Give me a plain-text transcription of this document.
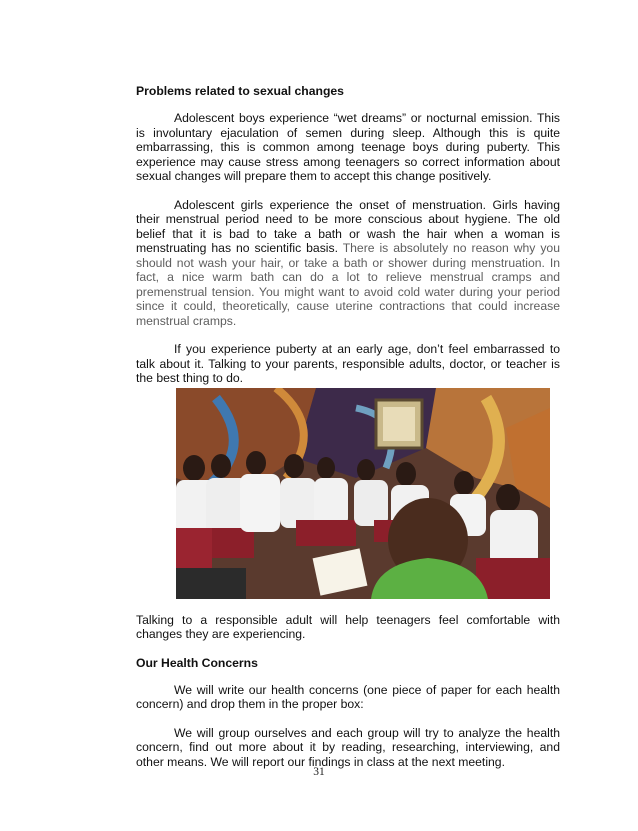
Problems related to sexual changes

Adolescent boys experience “wet dreams” or nocturnal emission. This is involuntary ejaculation of semen during sleep. Although this is quite embarrassing, this is common among teenage boys during puberty. This experience may cause stress among teenagers so correct information about sexual changes will prepare them to accept this change positively.

Adolescent girls experience the onset of menstruation. Girls having their menstrual period need to be more conscious about hygiene. The old belief that it is bad to take a bath or wash the hair when a woman is menstruating has no scientific basis. There is absolutely no reason why you should not wash your hair, or take a bath or shower during menstruation. In fact, a nice warm bath can do a lot to relieve menstrual cramps and premenstrual tension. You might want to avoid cold water during your period since it could, theoretically, cause uterine contractions that could increase menstrual cramps.

If you experience puberty at an early age, don’t feel embarrassed to talk about it. Talking to your parents, responsible adults, doctor, or teacher is the best thing to do.

Talking to a responsible adult will help teenagers feel comfortable with changes they are experiencing.

Our Health Concerns

We will write our health concerns (one piece of paper for each health concern) and drop them in the proper box:

We will group ourselves and each group will try to analyze the health concern, find out more about it by reading, researching, interviewing, and other means. We will report our findings in class at the next meeting.

31
